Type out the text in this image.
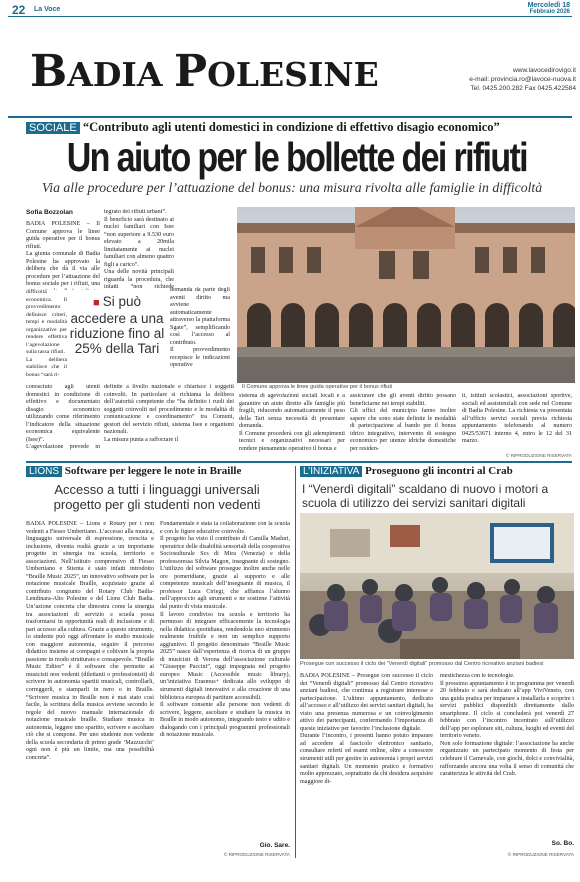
22 La Voce
Mercoledì 18
Febbraio 2026
BADIA POLESINE	www.lavocedirovigo.it
e-mail: provincia.ro@lavoce-nuova.it
Tel. 0425.200.282 Fax 0425.422584
SOCIALE “Contributo agli utenti domestici in condizione di effettivo disagio economico”
Un aiuto per le bollette dei rifiuti
Via alle procedure per l’attuazione del bonus: una misura rivolta alle famiglie in difficoltà
Sofia Bozzolan

BADIA POLESINE – Il Comune approva le linee guida operative per il bonus rifiuti.
La giunta comunale di Badia Polesine ha approvato la delibera che dà il via alle procedure per l’attuazione del bonus sociale per i rifiuti, una

difficoltà economica. Il provvedimento definisce criteri, tempi e modalità organizzative per rendere effettiva l’agevolazione sulla tassa rifiuti.
La delibera stabilisce che il bonus “sarà ri-

■ Si può accedere a una riduzione fino al 25% della Tari

conosciuto agli utenti domestici in condizione di effettivo e documentato disagio economico utilizzando come riferimento l’indicatore della situazione economica equivalente (Isee)”.
L’agevolazione prevede in

tegrato dei rifiuti urbani”.
Il beneficio sarà destinato ai nuclei familiari con Isee “non superiore a 9.530 euro elevato a 20mila limitatamente ai nuclei familiari con almeno quattro figli a carico”.
Una delle novità principali riguarda la procedura, che infatti “non richiede

domanda da parte degli aventi diritto ma avviene automaticamente attraverso la piattaforma Sgate”, semplificando così l’accesso al contributo.
Il provvedimento recepisce le indicazioni operative

definite a livello nazionale e chiarisce i soggetti coinvolti. In particolare si richiama la delibera dell’autorità competente che “ha definito i ruoli dei soggetti coinvolti nel procedimento e le modalità di comunicazione e coordinamento” tra Comuni, gestori del servizio rifiuti, sistema Isee e organismi nazionali.
La misura punta a rafforzare il

Il Comune approva le linee guida operative per il bonus rifiuti

sistema di agevolazioni sociali locali e a garantire un aiuto diretto alle famiglie più fragili, riducendo automaticamente il peso della Tari senza necessità di presentare domanda.
Il Comune procederà con gli adempimenti tecnici e organizzativi necessari per rendere pienamente operativo il bonus e

assicurare che gli aventi diritto possano beneficiarne nei tempi stabiliti.
Gli uffici del municipio fanno inoltre sapere che sono state definite le modalità di partecipazione al bando per il bonus idrico integrativo, intervento di sostegno economico per utenze idriche domestiche per residen-

ti, istituti scolastici, associazioni sportive, sociali ed assistenziali con sede nel Comune di Badia Polesine. La richiesta va presentata all’ufficio servizi sociali previa richiesta appuntamento telefonando al numero 0425/53671 interno 4, entro le 12 del 31 marzo.

© RIPRODUZIONE RISERVATA
LIONS Software per leggere le note in Braille
Accesso a tutti i linguaggi universali progetto per gli studenti non vedenti

BADIA POLESINE – Lions e Rotary per i non vedenti a Fiesso Umbertiano. L’accesso alla musica, linguaggio universale di espressione, crescita e inclusione, diventa realtà grazie a un importante progetto in sinergia tra scuola, territorio e associazioni. Nell’istituto comprensivo di Fiesso Umbertiano e Stienta è stato infatti introdotto “Braille Music 2025”, un innovativo software per la notazione musicale Braille, acquistato grazie al contributo congiunto del Rotary Club Badia-Lendinara-Alto Polesine e del Lions Club Badia. Un’azione concreta che dimostra come la sinergia tra associazioni di servizio e scuola possa trasformarsi in opportunità reali di inclusione e di pari accesso alla cultura. Grazie a questo strumento, lo studente può oggi affrontare lo studio musicale con maggiore autonomia, seguire il percorso didattico insieme ai compagni e coltivare la propria passione in modo strutturato e consapevole. “Braille Music Editor” è il software che permette ai musicisti non vedenti (dilettanti o professionisti) di scrivere in autonomia spartiti musicali, controllarli, correggerli, e stamparli in nero o in Braille. “Scrivere musica in Braille non è mai stato così facile, la scrittura della musica avviene secondo le regole del nuovo manuale internazionale di notazione musicale braille. Studiare musica in autonomia, leggere uno spartito, scrivere e ascoltare ciò che si compone. Per uno studente non vedente della scuola secondaria di primo grade ‘Mazzucchi’ ogni non è più un limite, ma una possibilità concreta”.

Fondamentale è stata la collaborazione con la scuola e con le figure educative coinvolte.
Il progetto ha visto il contributo di Camilla Maduri, operatrice delle disabilità sensoriali della cooperativa Sociosulturale Scs di Mira (Venezia) e della professoressa Silvia Magon, insegnante di sostegno. L’utilizzo del software prosegue inoltre anche nelle ore pomeridiane, grazie al supporto e alle competenze musicali dell’insegnante di musica, il professor Luca Ciriegi, che affianca l’alunno nell’approccio agli strumenti e ne sostiene l’attività dal punto di vista musicale.
Il lavoro condiviso tra scuola e territorio ha permesso di integrare efficacemente la tecnologia nella didattica quotidiana, rendendola uno strumento realmente fruibile e non un semplice supporto aggiuntivo. Il progetto denominato “Braille Music 2025” nasce dall’esperienza di ricerca di un gruppo di musicisti di Verona dell’associazione culturale “Giuseppe Paccini”, oggi impegnata nel progetto europeo Music (Accessible music library), un’iniziativa Erasmus+ dedicata allo sviluppo di strumenti digitali innovativi e alla creazione di una biblioteca europea di partiture accessibili.
Il software consente alle persone non vedenti di scrivere, leggere, ascoltare e studiare la musica in Braille in modo autonomo, integrando testo e udito e dialogando con i principali programmi professionali di notazione musicale.

Gio. Sare.
© RIPRODUZIONE RISERVATA
L’INIZIATIVA Proseguono gli incontri al Crab
I “Venerdì digitali” scaldano di nuovo i motori a scuola di utilizzo dei servizi sanitari digitali
Prosegue con successo il ciclo dei “Venerdì digitali” promosso dal Centro ricreativo anziani badiesi

BADIA POLESINE – Prosegue con successo il ciclo dei “Venerdì digitali” promosso dal Centro ricreativo anziani badiesi, che continua a registrare interesse e partecipazione. L’ultimo appuntamento, dedicato all’accesso e all’utilizzo dei servizi sanitari digitali, ha visto una presenza numerosa e un coinvolgimento attivo dei partecipanti, confermando l’importanza di queste iniziative per favorire l’inclusione digitale.
Durante l’incontro, i presenti hanno potuto imparare ad accedere al fascicolo elettronico sanitario, consultare referti ed esami online, oltre a conoscere strumenti utili per gestire in autonomia i propri servizi sanitari digitali. Un momento pratico e formativo molto apprezzato, soprattutto da chi desidera acquisire maggiore di-

mestichezza con le tecnologie.
Il prossimo appuntamento è in programma per venerdì 20 febbraio e sarà dedicato all’app ViviVeneto, con una guida pratica per imparare a installarla e scoprire i servizi pubblici disponibili direttamente dallo smartphone. Il ciclo si concluderà poi venerdì 27 febbraio con l’incontro incentrato sull’utilizzo dell’app per esplorare siti, cultura, luoghi ed eventi del territorio veneto.
Non solo formazione digitale: l’associazione ha anche organizzato un partecipato momento di festa per celebrare il Carnevale, con giochi, dolci e convivialità, rafforzando ancora una volta il senso di comunità che caratterizza le attività del Crab.

So. Bo.
© RIPRODUZIONE RISERVATA
